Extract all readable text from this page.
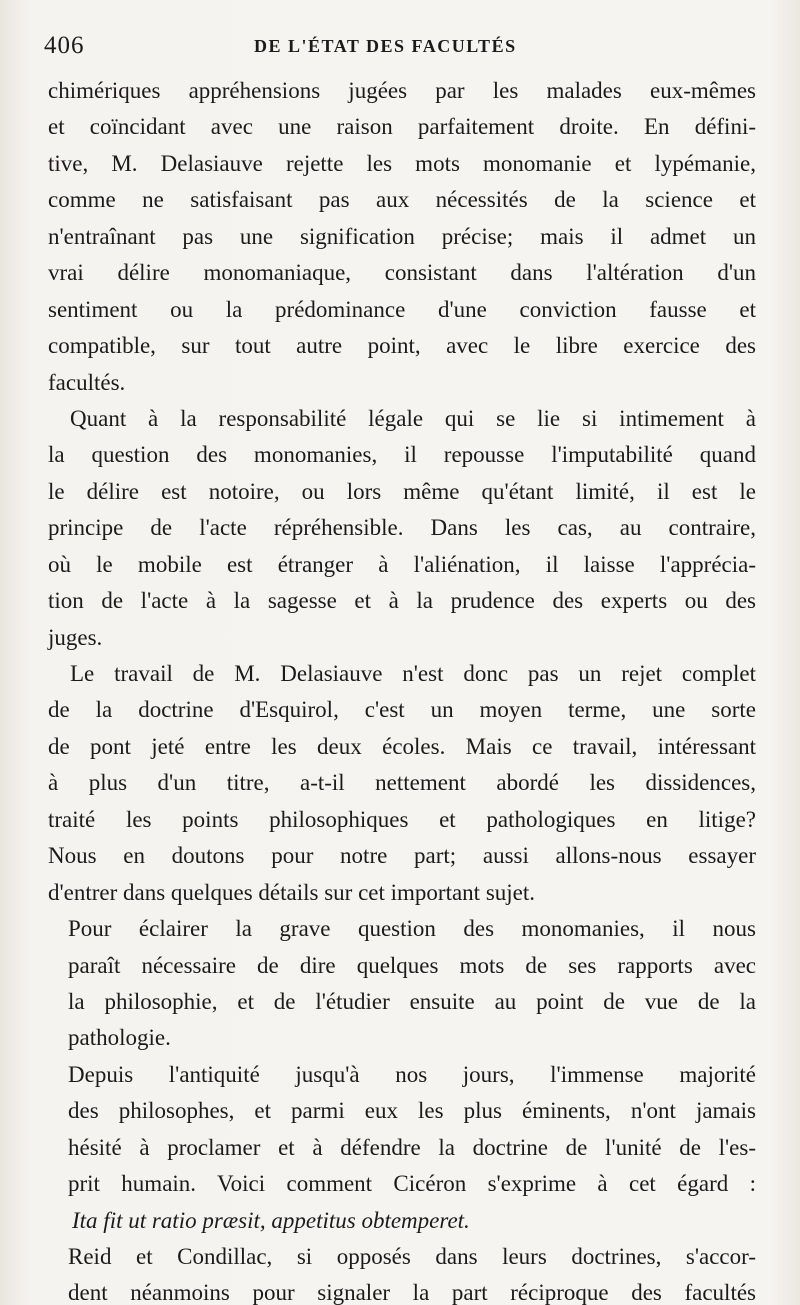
406	DE L'ÉTAT DES FACULTÉS
chimériques appréhensions jugées par les malades eux-mêmes
et coïncidant avec une raison parfaitement droite. En défini-
tive, M. Delasiauve rejette les mots monomanie et lypémanie,
comme ne satisfaisant pas aux nécessités de la science et
n'entraînant pas une signification précise; mais il admet un
vrai délire monomaniaque, consistant dans l'altération d'un
sentiment ou la prédominance d'une conviction fausse et
compatible, sur tout autre point, avec le libre exercice des
facultés.
Quant à la responsabilité légale qui se lie si intimement à
la question des monomanies, il repousse l'imputabilité quand
le délire est notoire, ou lors même qu'étant limité, il est le
principe de l'acte répréhensible. Dans les cas, au contraire,
où le mobile est étranger à l'aliénation, il laisse l'apprécia-
tion de l'acte à la sagesse et à la prudence des experts ou des
juges.
Le travail de M. Delasiauve n'est donc pas un rejet complet
de la doctrine d'Esquirol, c'est un moyen terme, une sorte
de pont jeté entre les deux écoles. Mais ce travail, intéressant
à plus d'un titre, a-t-il nettement abordé les dissidences,
traité les points philosophiques et pathologiques en litige?
Nous en doutons pour notre part; aussi allons-nous essayer
d'entrer dans quelques détails sur cet important sujet.
Pour éclairer la grave question des monomanies, il nous
paraît nécessaire de dire quelques mots de ses rapports avec
la philosophie, et de l'étudier ensuite au point de vue de la
pathologie.
Depuis l'antiquité jusqu'à nos jours, l'immense majorité
des philosophes, et parmi eux les plus éminents, n'ont jamais
hésité à proclamer et à défendre la doctrine de l'unité de l'es-
prit humain. Voici comment Cicéron s'exprime à cet égard :
Ita fit ut ratio præsit, appetitus obtemperet.
Reid et Condillac, si opposés dans leurs doctrines, s'accor-
dent néanmoins pour signaler la part réciproque des facultés
